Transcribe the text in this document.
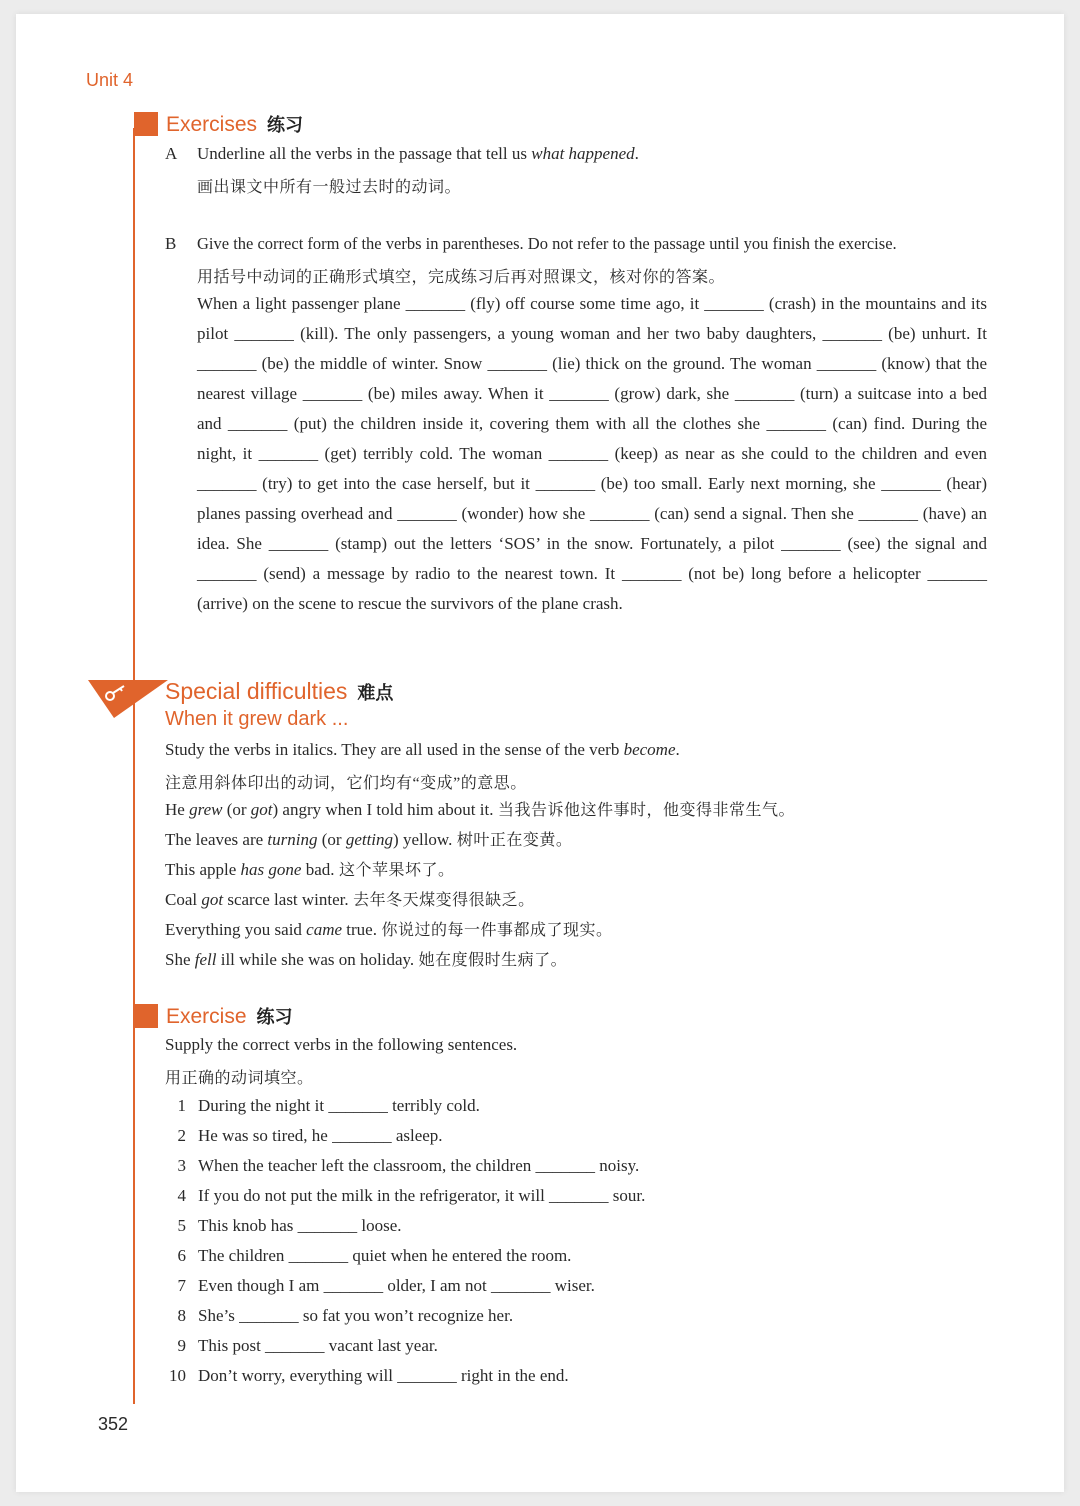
Unit 4
Exercises 练习
A Underline all the verbs in the passage that tell us what happened.
画出课文中所有一般过去时的动词。
B Give the correct form of the verbs in parentheses. Do not refer to the passage until you finish the exercise.
用括号中动词的正确形式填空，完成练习后再对照课文，核对你的答案。
When a light passenger plane _______ (fly) off course some time ago, it _______ (crash) in the mountains and its pilot _______ (kill). The only passengers, a young woman and her two baby daughters, _______ (be) unhurt. It _______ (be) the middle of winter. Snow _______ (lie) thick on the ground. The woman _______ (know) that the nearest village _______ (be) miles away. When it _______ (grow) dark, she _______ (turn) a suitcase into a bed and _______ (put) the children inside it, covering them with all the clothes she _______ (can) find. During the night, it _______ (get) terribly cold. The woman _______ (keep) as near as she could to the children and even _______ (try) to get into the case herself, but it _______ (be) too small. Early next morning, she _______ (hear) planes passing overhead and _______ (wonder) how she _______ (can) send a signal. Then she _______ (have) an idea. She _______ (stamp) out the letters ‘SOS’ in the snow. Fortunately, a pilot _______ (see) the signal and _______ (send) a message by radio to the nearest town. It _______ (not be) long before a helicopter _______ (arrive) on the scene to rescue the survivors of the plane crash.
Special difficulties 难点
When it grew dark ...
Study the verbs in italics. They are all used in the sense of the verb become.
注意用斜体印出的动词，它们均有“变成”的意思。
He grew (or got) angry when I told him about it. 当我告诉他这件事时，他变得非常生气。
The leaves are turning (or getting) yellow. 树叶正在变黄。
This apple has gone bad. 这个苹果坏了。
Coal got scarce last winter. 去年冬天煤变得很缺乏。
Everything you said came true. 你说过的每一件事都成了现实。
She fell ill while she was on holiday. 她在度假时生病了。
Exercise 练习
Supply the correct verbs in the following sentences.
用正确的动词填空。
1 During the night it _______ terribly cold.
2 He was so tired, he _______ asleep.
3 When the teacher left the classroom, the children _______ noisy.
4 If you do not put the milk in the refrigerator, it will _______ sour.
5 This knob has _______ loose.
6 The children _______ quiet when he entered the room.
7 Even though I am _______ older, I am not _______ wiser.
8 She’s _______ so fat you won’t recognize her.
9 This post _______ vacant last year.
10 Don’t worry, everything will _______ right in the end.
352
